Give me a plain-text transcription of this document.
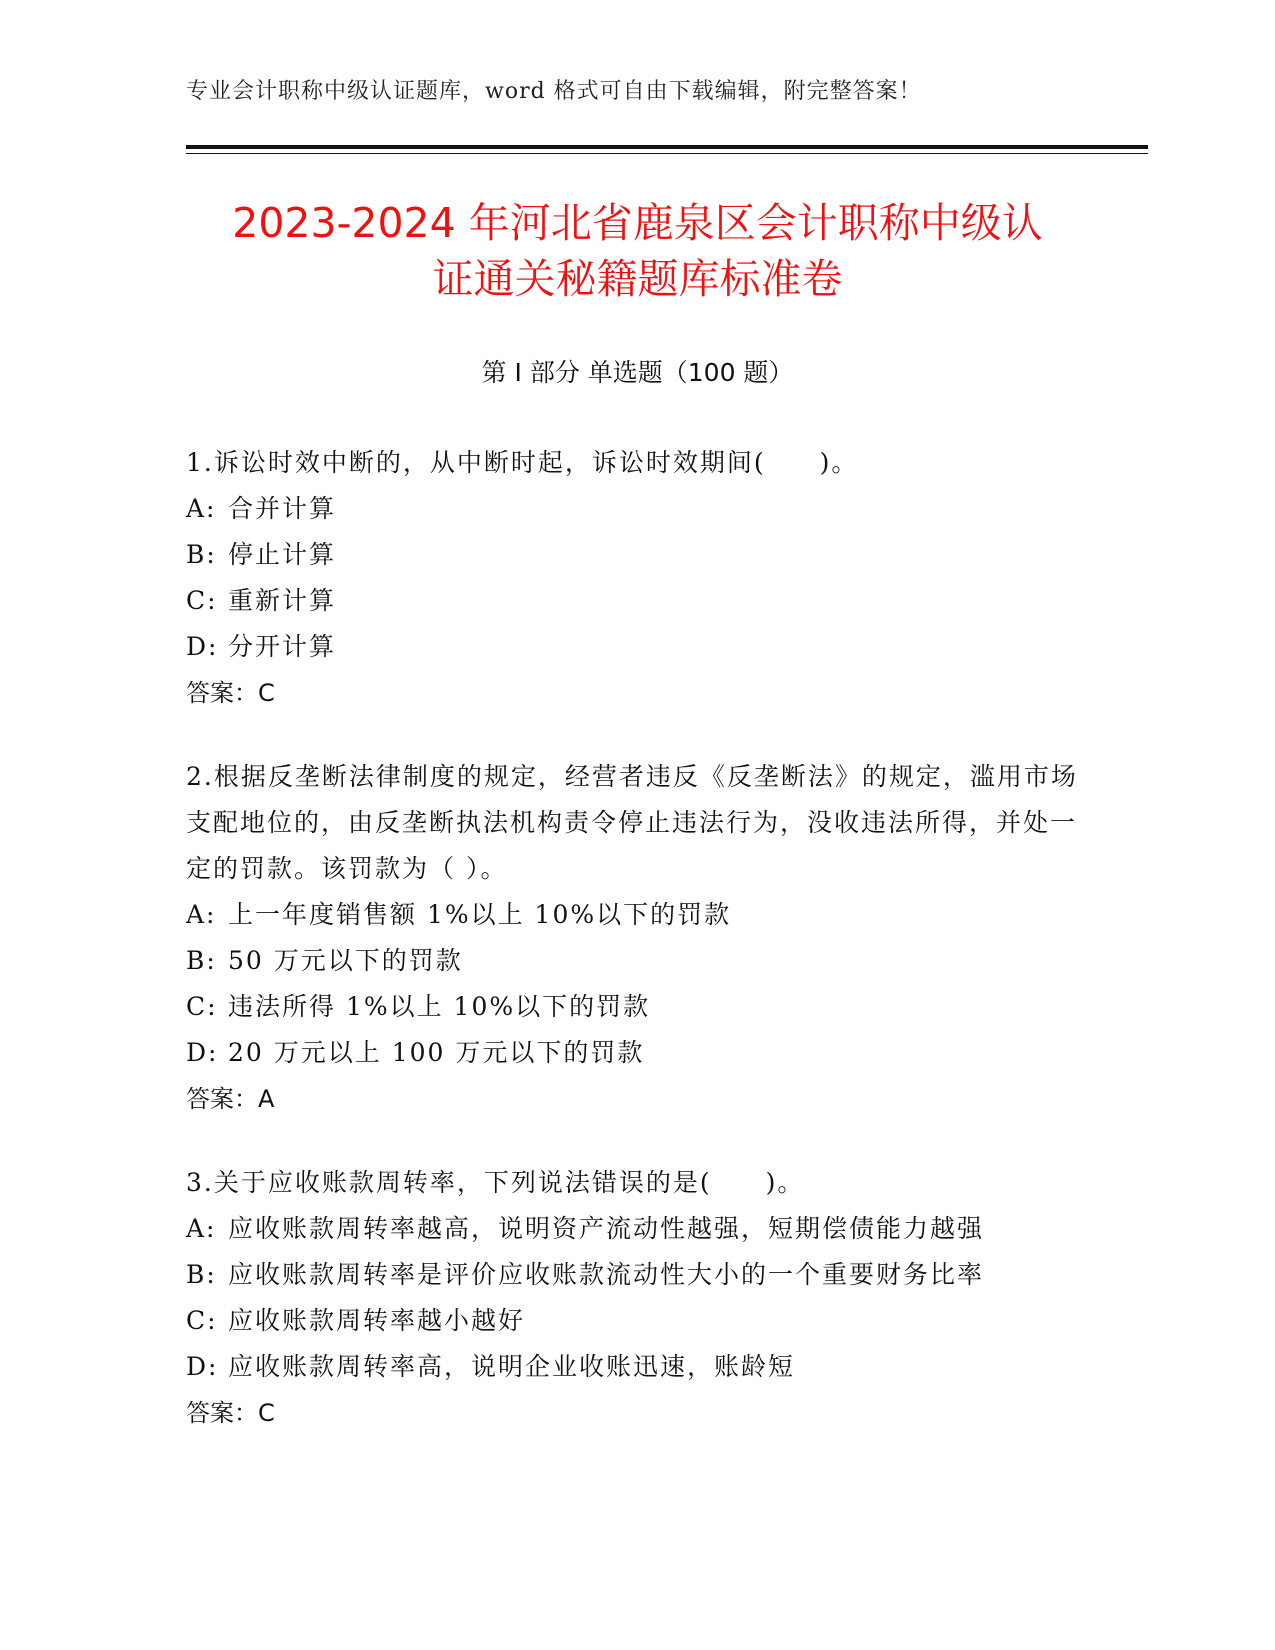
专业会计职称中级认证题库，word 格式可自由下载编辑，附完整答案！
2023-2024 年河北省鹿泉区会计职称中级认
证通关秘籍题库标准卷
第 I 部分 单选题（100 题）

1.诉讼时效中断的，从中断时起，诉讼时效期间(　　)。

A: 合并计算

B: 停止计算

C: 重新计算

D: 分开计算

答案：C

2.根据反垄断法律制度的规定，经营者违反《反垄断法》的规定，滥用市场支配地位的，由反垄断执法机构责令停止违法行为，没收违法所得，并处一定的罚款。该罚款为（ ）。

A: 上一年度销售额 1%以上 10%以下的罚款

B: 50 万元以下的罚款

C: 违法所得 1%以上 10%以下的罚款

D: 20 万元以上 100 万元以下的罚款

答案：A

3.关于应收账款周转率，下列说法错误的是(　　)。

A: 应收账款周转率越高，说明资产流动性越强，短期偿债能力越强

B: 应收账款周转率是评价应收账款流动性大小的一个重要财务比率

C: 应收账款周转率越小越好

D: 应收账款周转率高，说明企业收账迅速，账龄短

答案：C
